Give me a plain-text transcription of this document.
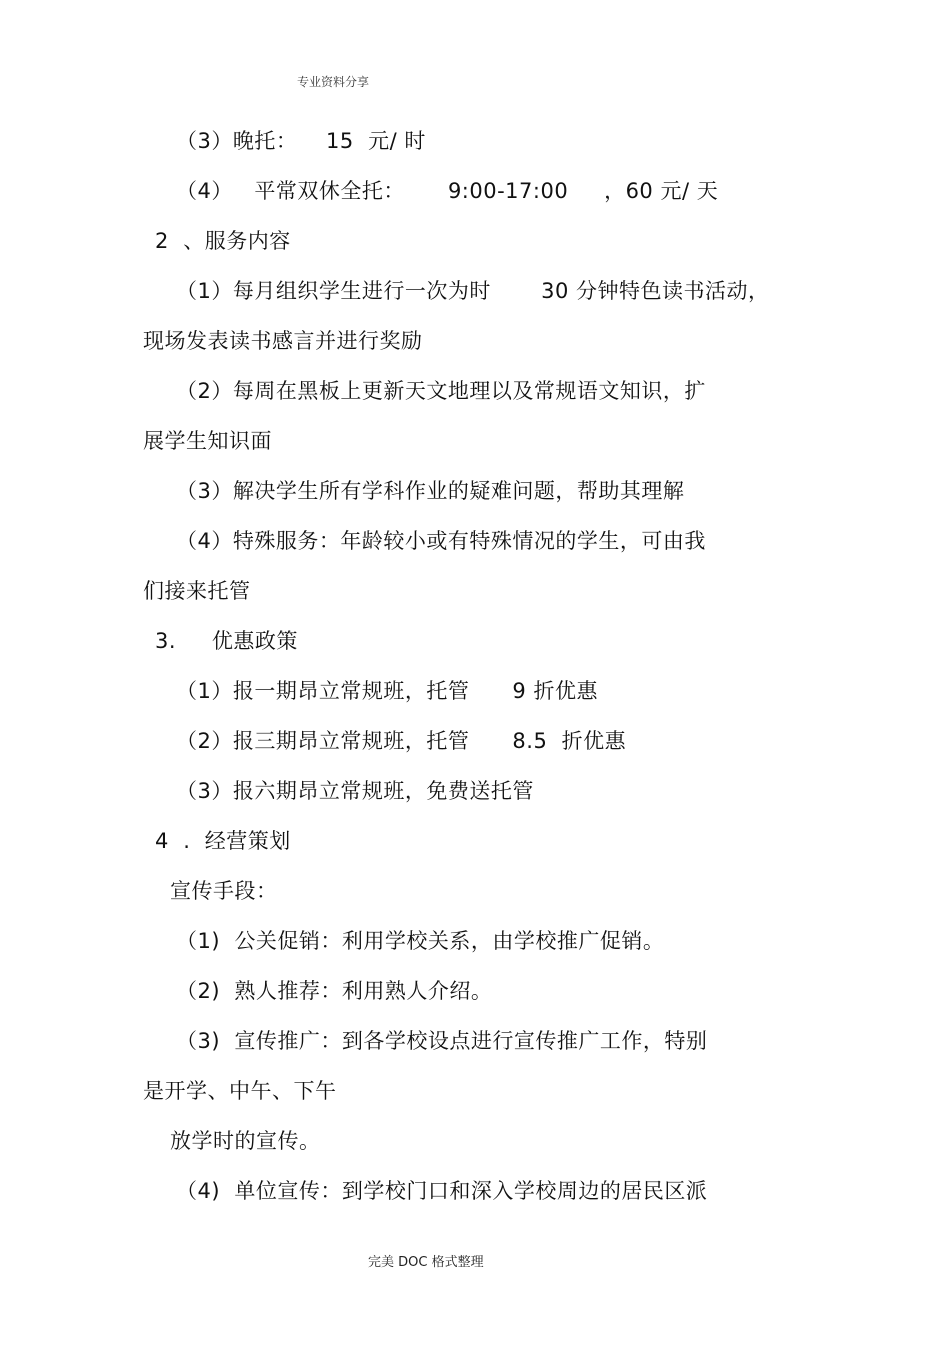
专业资料分享
（3）晚托：    15  元/ 时
（4）   平常双休全托：      9:00-17:00     ，60 元/ 天
2  、服务内容
（1）每月组织学生进行一次为时       30 分钟特色读书活动，
现场发表读书感言并进行奖励
（2）每周在黑板上更新天文地理以及常规语文知识，扩
展学生知识面
（3）解决学生所有学科作业的疑难问题，帮助其理解
（4）特殊服务：年龄较小或有特殊情况的学生，可由我
们接来托管
3.     优惠政策
（1）报一期昂立常规班，托管      9 折优惠
（2）报三期昂立常规班，托管      8.5  折优惠
（3）报六期昂立常规班，免费送托管
4  .  经营策划
宣传手段：
（1)  公关促销：利用学校关系，由学校推广促销。
（2)  熟人推荐：利用熟人介绍。
（3)  宣传推广：到各学校设点进行宣传推广工作，特别
是开学、中午、下午
放学时的宣传。
（4)  单位宣传：到学校门口和深入学校周边的居民区派
完美 DOC 格式整理
